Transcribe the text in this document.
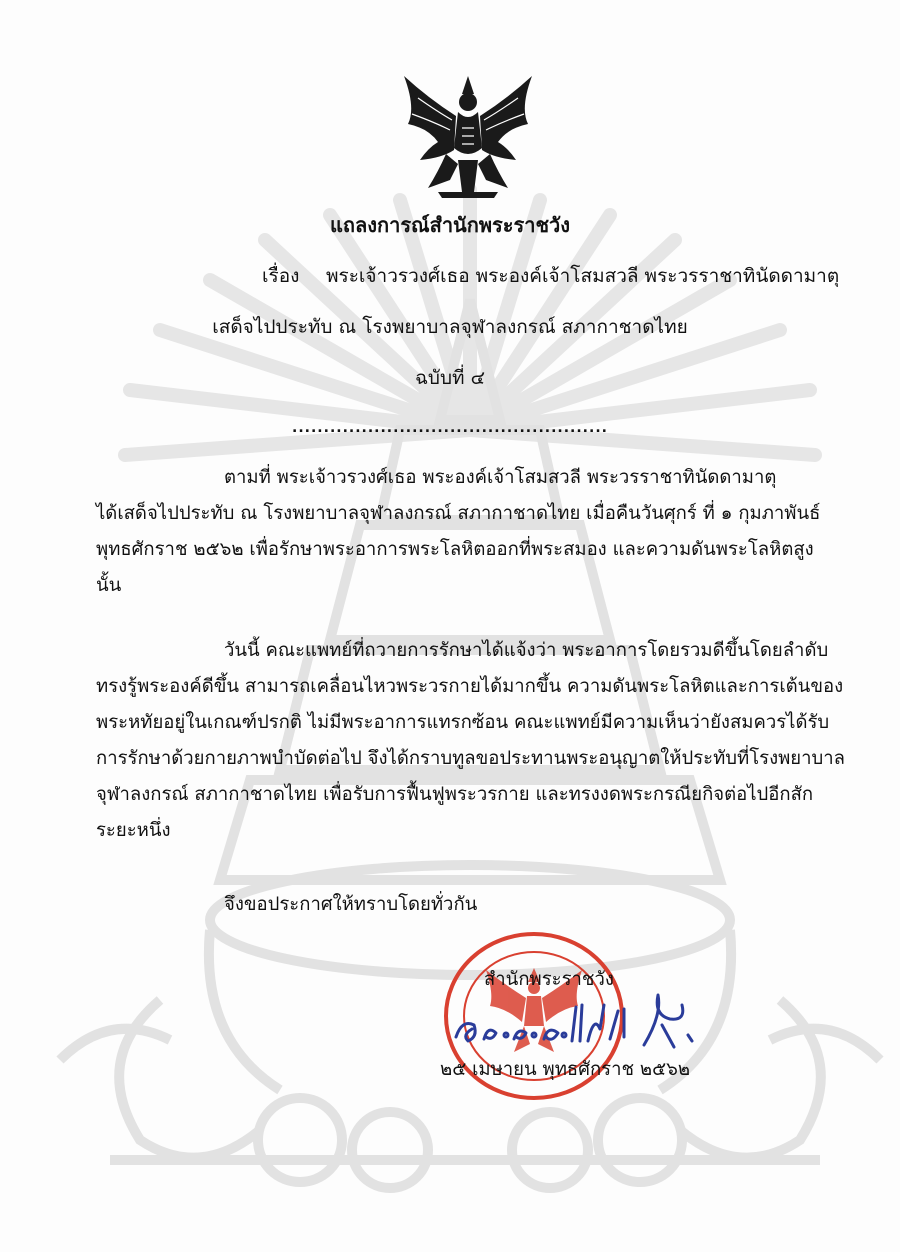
แถลงการณ์สำนักพระราชวัง
เรื่อง พระเจ้าวรวงศ์เธอ พระองค์เจ้าโสมสวลี พระวรราชาทินัดดามาตุ
เสด็จไปประทับ ณ โรงพยาบาลจุฬาลงกรณ์ สภากาชาดไทย
ฉบับที่ ๔
..................................................
ตามที่ พระเจ้าวรวงศ์เธอ พระองค์เจ้าโสมสวลี พระวรราชาทินัดดามาตุ
ได้เสด็จไปประทับ ณ โรงพยาบาลจุฬาลงกรณ์ สภากาชาดไทย เมื่อคืนวันศุกร์ ที่ ๑ กุมภาพันธ์
พุทธศักราช ๒๕๖๒ เพื่อรักษาพระอาการพระโลหิตออกที่พระสมอง และความดันพระโลหิตสูง
นั้น
วันนี้ คณะแพทย์ที่ถวายการรักษาได้แจ้งว่า พระอาการโดยรวมดีขึ้นโดยลำดับ
ทรงรู้พระองค์ดีขึ้น สามารถเคลื่อนไหวพระวรกายได้มากขึ้น ความดันพระโลหิตและการเต้นของ
พระหทัยอยู่ในเกณฑ์ปรกติ ไม่มีพระอาการแทรกซ้อน คณะแพทย์มีความเห็นว่ายังสมควรได้รับ
การรักษาด้วยกายภาพบำบัดต่อไป จึงได้กราบทูลขอประทานพระอนุญาตให้ประทับที่โรงพยาบาล
จุฬาลงกรณ์ สภากาชาดไทย เพื่อรับการฟื้นฟูพระวรกาย และทรงงดพระกรณียกิจต่อไปอีกสัก
ระยะหนึ่ง
จึงขอประกาศให้ทราบโดยทั่วกัน
สำนักพระราชวัง
๒๕ เมษายน พุทธศักราช ๒๕๖๒
